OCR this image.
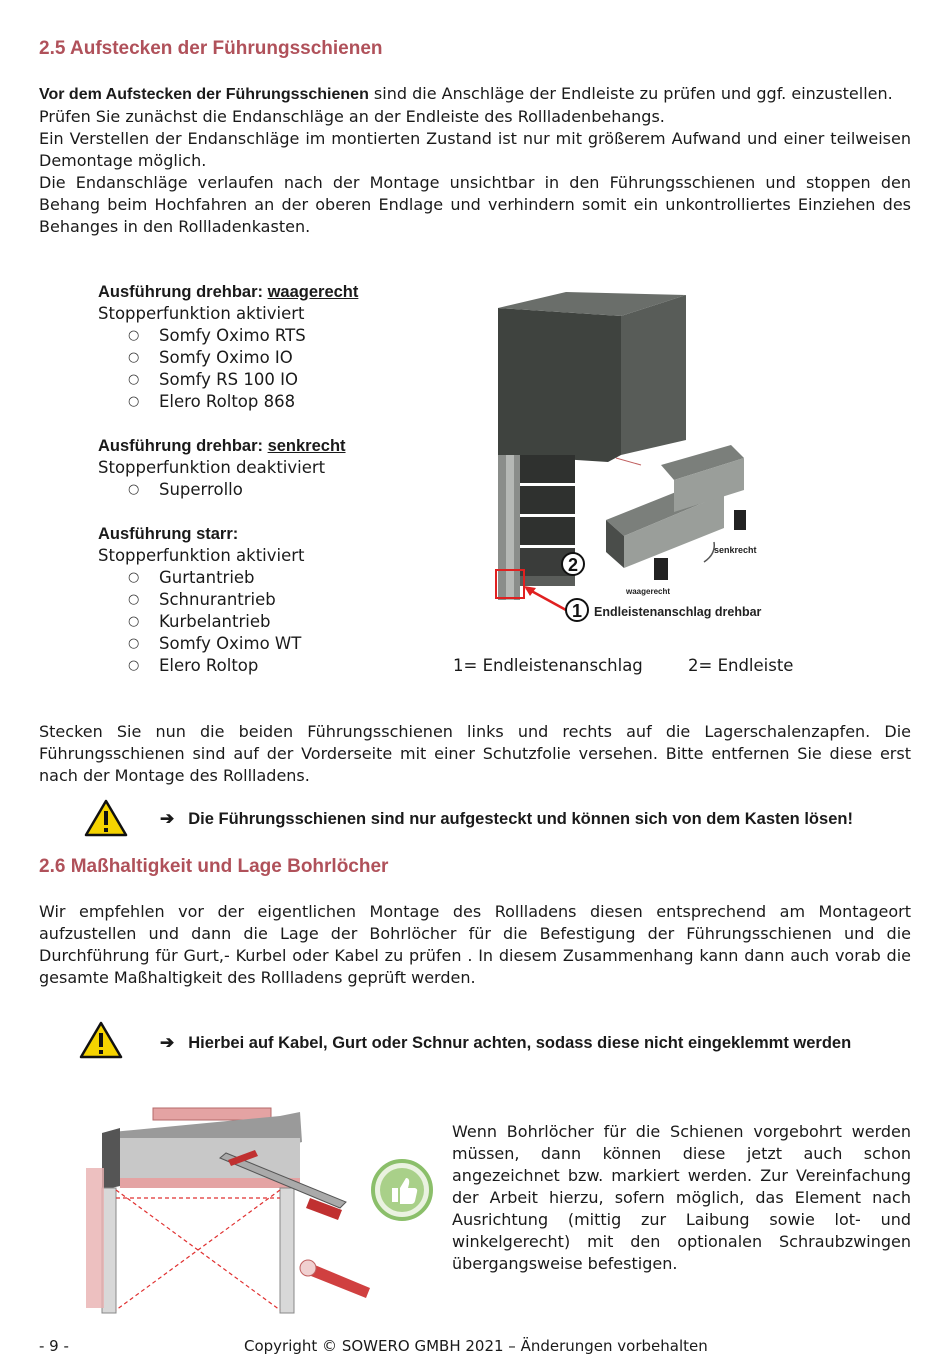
2.5 Aufstecken der Führungsschienen
Vor dem Aufstecken der Führungsschienen sind die Anschläge der Endleiste zu prüfen und ggf. einzustellen.
Prüfen Sie zunächst die Endanschläge an der Endleiste des Rollladenbehangs.
Ein Verstellen der Endanschläge im montierten Zustand ist nur mit größerem Aufwand und einer teilweisen Demontage möglich.
Die Endanschläge verlaufen nach der Montage unsichtbar in den Führungsschienen und stoppen den Behang beim Hochfahren an der oberen Endlage und verhindern somit ein unkontrolliertes Einziehen des Behanges in den Rollladenkasten.
Ausführung drehbar: waagerecht
Stopperfunktion aktiviert
○ Somfy Oximo RTS
○ Somfy Oximo IO
○ Somfy RS 100 IO
○ Elero Roltop 868
Ausführung drehbar: senkrecht
Stopperfunktion deaktiviert
○ Superrollo
Ausführung starr:
Stopperfunktion aktiviert
○ Gurtantrieb
○ Schnurantrieb
○ Kurbelantrieb
○ Somfy Oximo WT
○ Elero Roltop
senkrecht
waagerecht
2
1 Endleistenanschlag drehbar
1= Endleistenanschlag	2= Endleiste
Stecken Sie nun die beiden Führungsschienen links und rechts auf die Lagerschalenzapfen. Die Führungsschienen sind auf der Vorderseite mit einer Schutzfolie versehen. Bitte entfernen Sie diese erst nach der Montage des Rollladens.
➔ Die Führungsschienen sind nur aufgesteckt und können sich von dem Kasten lösen!
2.6 Maßhaltigkeit und Lage Bohrlöcher
Wir empfehlen vor der eigentlichen Montage des Rollladens diesen entsprechend am Montageort aufzustellen und dann die Lage der Bohrlöcher für die Befestigung der Führungsschienen und die Durchführung für Gurt,- Kurbel oder Kabel zu prüfen . In diesem Zusammenhang kann dann auch vorab die gesamte Maßhaltigkeit des Rollladens geprüft werden.
➔ Hierbei auf Kabel, Gurt oder Schnur achten, sodass diese nicht eingeklemmt werden
Wenn Bohrlöcher für die Schienen vorgebohrt werden müssen, dann können diese jetzt auch schon angezeichnet bzw. markiert werden. Zur Vereinfachung der Arbeit hierzu, sofern möglich, das Element nach Ausrichtung (mittig zur Laibung sowie lot- und winkelgerecht) mit den optionalen Schraubzwingen übergangsweise befestigen.
- 9 -	Copyright © SOWERO GMBH 2021 – Änderungen vorbehalten
